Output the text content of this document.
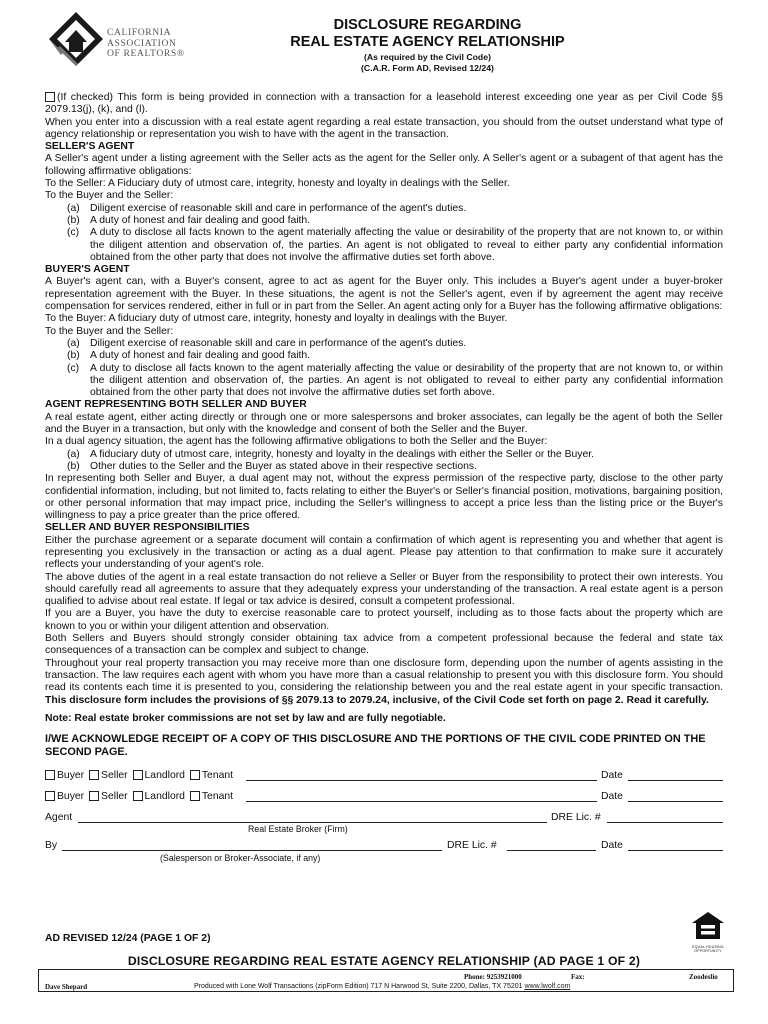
CALIFORNIA
ASSOCIATION
OF REALTORS®
DISCLOSURE REGARDING
REAL ESTATE AGENCY RELATIONSHIP
(As required by the Civil Code)
(C.A.R. Form AD, Revised 12/24)

(If checked) This form is being provided in connection with a transaction for a leasehold interest exceeding one year as per Civil Code §§ 2079.13(j), (k), and (l).

When you enter into a discussion with a real estate agent regarding a real estate transaction, you should from the outset understand what type of agency relationship or representation you wish to have with the agent in the transaction.

SELLER'S AGENT

A Seller's agent under a listing agreement with the Seller acts as the agent for the Seller only. A Seller's agent or a subagent of that agent has the following affirmative obligations:

To the Seller: A Fiduciary duty of utmost care, integrity, honesty and loyalty in dealings with the Seller.

To the Buyer and the Seller:

(a) Diligent exercise of reasonable skill and care in performance of the agent's duties.
(b) A duty of honest and fair dealing and good faith.
(c) A duty to disclose all facts known to the agent materially affecting the value or desirability of the property that are not known to, or within the diligent attention and observation of, the parties. An agent is not obligated to reveal to either party any confidential information obtained from the other party that does not involve the affirmative duties set forth above.
BUYER'S AGENT

A Buyer's agent can, with a Buyer's consent, agree to act as agent for the Buyer only. This includes a Buyer's agent under a buyer-broker representation agreement with the Buyer. In these situations, the agent is not the Seller's agent, even if by agreement the agent may receive compensation for services rendered, either in full or in part from the Seller. An agent acting only for a Buyer has the following affirmative obligations:

To the Buyer: A fiduciary duty of utmost care, integrity, honesty and loyalty in dealings with the Buyer.

To the Buyer and the Seller:

(a) Diligent exercise of reasonable skill and care in performance of the agent's duties.
(b) A duty of honest and fair dealing and good faith.
(c) A duty to disclose all facts known to the agent materially affecting the value or desirability of the property that are not known to, or within the diligent attention and observation of, the parties. An agent is not obligated to reveal to either party any confidential information obtained from the other party that does not involve the affirmative duties set forth above.
AGENT REPRESENTING BOTH SELLER AND BUYER

A real estate agent, either acting directly or through one or more salespersons and broker associates, can legally be the agent of both the Seller and the Buyer in a transaction, but only with the knowledge and consent of both the Seller and the Buyer.

In a dual agency situation, the agent has the following affirmative obligations to both the Seller and the Buyer:

(a) A fiduciary duty of utmost care, integrity, honesty and loyalty in the dealings with either the Seller or the Buyer.
(b) Other duties to the Seller and the Buyer as stated above in their respective sections.

In representing both Seller and Buyer, a dual agent may not, without the express permission of the respective party, disclose to the other party confidential information, including, but not limited to, facts relating to either the Buyer's or Seller's financial position, motivations, bargaining position, or other personal information that may impact price, including the Seller's willingness to accept a price less than the listing price or the Buyer's willingness to pay a price greater than the price offered.

SELLER AND BUYER RESPONSIBILITIES

Either the purchase agreement or a separate document will contain a confirmation of which agent is representing you and whether that agent is representing you exclusively in the transaction or acting as a dual agent. Please pay attention to that confirmation to make sure it accurately reflects your understanding of your agent's role.

The above duties of the agent in a real estate transaction do not relieve a Seller or Buyer from the responsibility to protect their own interests. You should carefully read all agreements to assure that they adequately express your understanding of the transaction. A real estate agent is a person qualified to advise about real estate. If legal or tax advice is desired, consult a competent professional.

If you are a Buyer, you have the duty to exercise reasonable care to protect yourself, including as to those facts about the property which are known to you or within your diligent attention and observation.

Both Sellers and Buyers should strongly consider obtaining tax advice from a competent professional because the federal and state tax consequences of a transaction can be complex and subject to change.

Throughout your real property transaction you may receive more than one disclosure form, depending upon the number of agents assisting in the transaction. The law requires each agent with whom you have more than a casual relationship to present you with this disclosure form. You should read its contents each time it is presented to you, considering the relationship between you and the real estate agent in your specific transaction. This disclosure form includes the provisions of §§ 2079.13 to 2079.24, inclusive, of the Civil Code set forth on page 2. Read it carefully.

Note: Real estate broker commissions are not set by law and are fully negotiable.
I/WE ACKNOWLEDGE RECEIPT OF A COPY OF THIS DISCLOSURE AND THE PORTIONS OF THE CIVIL CODE PRINTED ON THE SECOND PAGE.
Buyer Seller Landlord Tenant	Date
Buyer Seller Landlord Tenant	Date
Agent	DRE Lic. #
Real Estate Broker (Firm)
By	DRE Lic. #	Date
(Salesperson or Broker-Associate, if any)
AD REVISED 12/24 (PAGE 1 OF 2)
EQUAL HOUSING OPPORTUNITY
DISCLOSURE REGARDING REAL ESTATE AGENCY RELATIONSHIP (AD PAGE 1 OF 2)
Dave Shepard
Phone: 9253921000	Fax:	Zoodeslio
Produced with Lone Wolf Transactions (zipForm Edition) 717 N Harwood St, Suite 2200, Dallas, TX 75201 www.lwolf.com
